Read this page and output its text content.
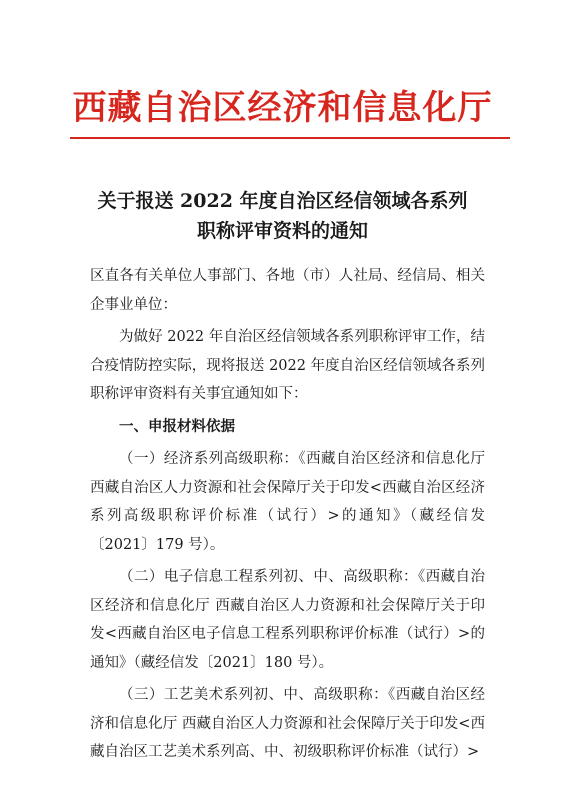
西藏自治区经济和信息化厅
关于报送 2022 年度自治区经信领域各系列
职称评审资料的通知

区直各有关单位人事部门、各地（市）人社局、经信局、相关企事业单位：

为做好 2022 年自治区经信领域各系列职称评审工作，结合疫情防控实际，现将报送 2022 年度自治区经信领域各系列职称评审资料有关事宜通知如下：

一、申报材料依据

（一）经济系列高级职称：《西藏自治区经济和信息化厅 西藏自治区人力资源和社会保障厅关于印发<西藏自治区经济系列高级职称评价标准（试行）>的通知》（藏经信发〔2021〕179 号）。

（二）电子信息工程系列初、中、高级职称：《西藏自治区经济和信息化厅 西藏自治区人力资源和社会保障厅关于印发<西藏自治区电子信息工程系列职称评价标准（试行）>的通知》（藏经信发〔2021〕180 号）。

（三）工艺美术系列初、中、高级职称：《西藏自治区经济和信息化厅 西藏自治区人力资源和社会保障厅关于印发<西藏自治区工艺美术系列高、中、初级职称评价标准（试行）>
